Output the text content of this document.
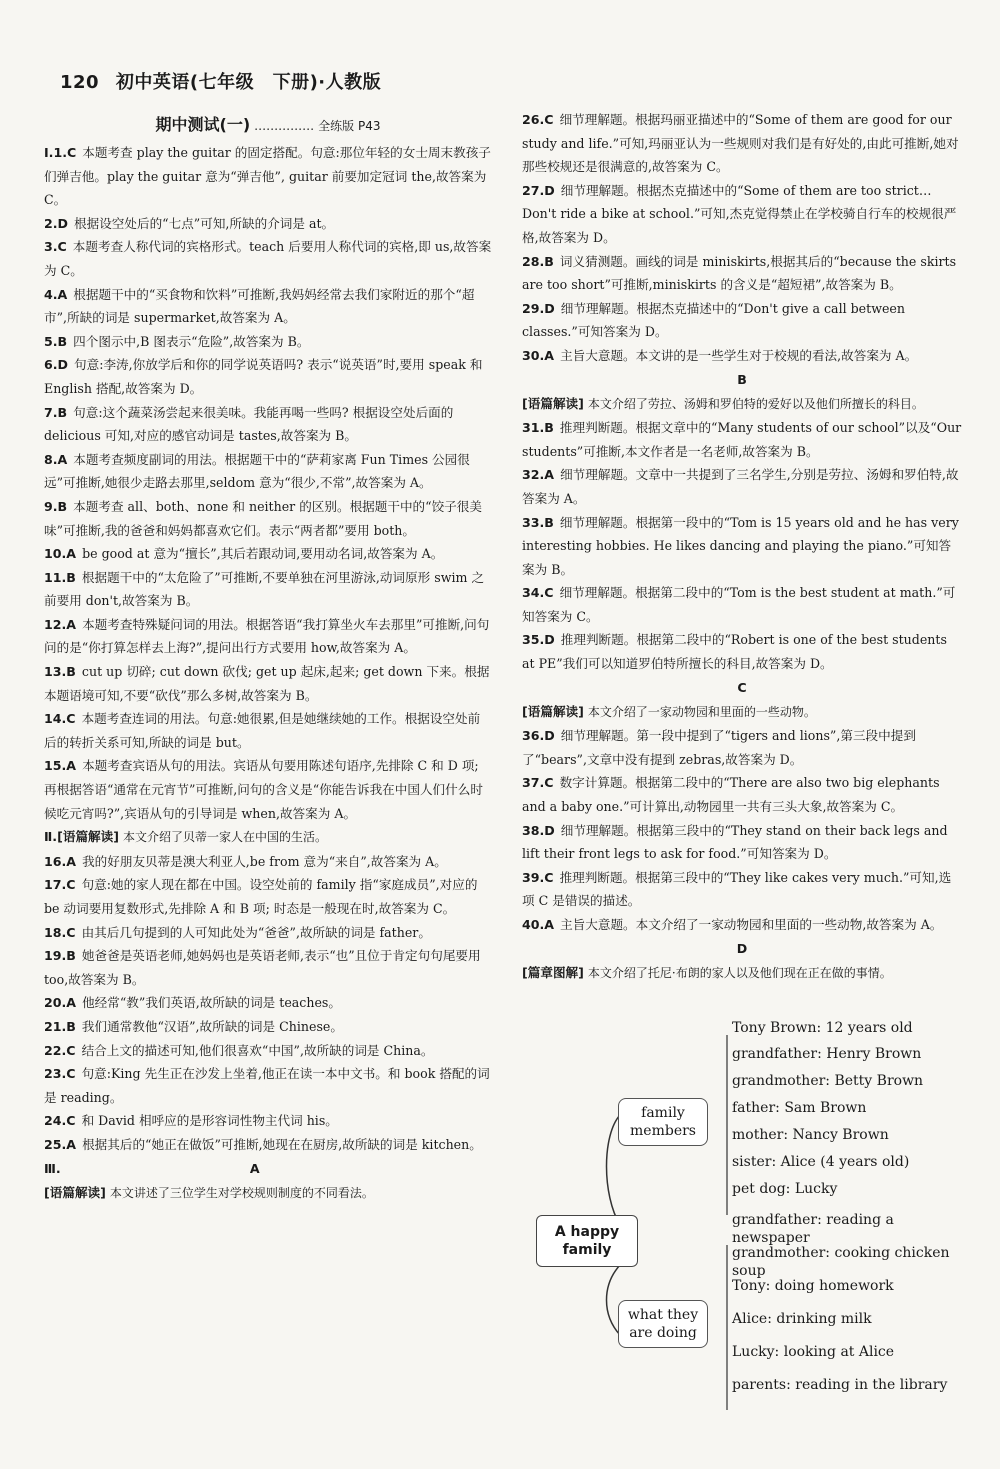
120 初中英语(七年级　下册)·人教版
期中测试(一) …………… 全练版 P43
Ⅰ.1.C 本题考查 play the guitar 的固定搭配。句意:那位年轻的女士周末教孩子们弹吉他。play the guitar 意为“弹吉他”, guitar 前要加定冠词 the,故答案为 C。
2.D 根据设空处后的“七点”可知,所缺的介词是 at。
3.C 本题考查人称代词的宾格形式。teach 后要用人称代词的宾格,即 us,故答案为 C。
4.A 根据题干中的“买食物和饮料”可推断,我妈妈经常去我们家附近的那个“超市”,所缺的词是 supermarket,故答案为 A。
5.B 四个图示中,B 图表示“危险”,故答案为 B。
6.D 句意:李涛,你放学后和你的同学说英语吗? 表示“说英语”时,要用 speak 和 English 搭配,故答案为 D。
7.B 句意:这个蔬菜汤尝起来很美味。我能再喝一些吗? 根据设空处后面的 delicious 可知,对应的感官动词是 tastes,故答案为 B。
8.A 本题考查频度副词的用法。根据题干中的“萨莉家离 Fun Times 公园很远”可推断,她很少走路去那里,seldom 意为“很少,不常”,故答案为 A。
9.B 本题考查 all、both、none 和 neither 的区别。根据题干中的“饺子很美味”可推断,我的爸爸和妈妈都喜欢它们。表示“两者都”要用 both。
10.A be good at 意为“擅长”,其后若跟动词,要用动名词,故答案为 A。
11.B 根据题干中的“太危险了”可推断,不要单独在河里游泳,动词原形 swim 之前要用 don't,故答案为 B。
12.A 本题考查特殊疑问词的用法。根据答语“我打算坐火车去那里”可推断,问句问的是“你打算怎样去上海?”,提问出行方式要用 how,故答案为 A。
13.B cut up 切碎; cut down 砍伐; get up 起床,起来; get down 下来。根据本题语境可知,不要“砍伐”那么多树,故答案为 B。
14.C 本题考查连词的用法。句意:她很累,但是她继续她的工作。根据设空处前后的转折关系可知,所缺的词是 but。
15.A 本题考查宾语从句的用法。宾语从句要用陈述句语序,先排除 C 和 D 项; 再根据答语“通常在元宵节”可推断,问句的含义是“你能告诉我在中国人们什么时候吃元宵吗?”,宾语从句的引导词是 when,故答案为 A。
Ⅱ.[语篇解读] 本文介绍了贝蒂一家人在中国的生活。
16.A 我的好朋友贝蒂是澳大利亚人,be from 意为“来自”,故答案为 A。
17.C 句意:她的家人现在都在中国。设空处前的 family 指“家庭成员”,对应的 be 动词要用复数形式,先排除 A 和 B 项; 时态是一般现在时,故答案为 C。
18.C 由其后几句提到的人可知此处为“爸爸”,故所缺的词是 father。
19.B 她爸爸是英语老师,她妈妈也是英语老师,表示“也”且位于肯定句句尾要用 too,故答案为 B。
20.A 他经常“教”我们英语,故所缺的词是 teaches。
21.B 我们通常教他“汉语”,故所缺的词是 Chinese。
22.C 结合上文的描述可知,他们很喜欢“中国”,故所缺的词是 China。
23.C 句意:King 先生正在沙发上坐着,他正在读一本中文书。和 book 搭配的词是 reading。
24.C 和 David 相呼应的是形容词性物主代词 his。
25.A 根据其后的“她正在做饭”可推断,她现在在厨房,故所缺的词是 kitchen。
Ⅲ.	A
[语篇解读] 本文讲述了三位学生对学校规则制度的不同看法。
26.C 细节理解题。根据玛丽亚描述中的“Some of them are good for our study and life.”可知,玛丽亚认为一些规则对我们是有好处的,由此可推断,她对那些校规还是很满意的,故答案为 C。
27.D 细节理解题。根据杰克描述中的“Some of them are too strict… Don't ride a bike at school.”可知,杰克觉得禁止在学校骑自行车的校规很严格,故答案为 D。
28.B 词义猜测题。画线的词是 miniskirts,根据其后的“because the skirts are too short”可推断,miniskirts 的含义是“超短裙”,故答案为 B。
29.D 细节理解题。根据杰克描述中的“Don't give a call between classes.”可知答案为 D。
30.A 主旨大意题。本文讲的是一些学生对于校规的看法,故答案为 A。
B
[语篇解读] 本文介绍了劳拉、汤姆和罗伯特的爱好以及他们所擅长的科目。
31.B 推理判断题。根据文章中的“Many students of our school”以及“Our students”可推断,本文作者是一名老师,故答案为 B。
32.A 细节理解题。文章中一共提到了三名学生,分别是劳拉、汤姆和罗伯特,故答案为 A。
33.B 细节理解题。根据第一段中的“Tom is 15 years old and he has very interesting hobbies. He likes dancing and playing the piano.”可知答案为 B。
34.C 细节理解题。根据第二段中的“Tom is the best student at math.”可知答案为 C。
35.D 推理判断题。根据第二段中的“Robert is one of the best students at PE”我们可以知道罗伯特所擅长的科目,故答案为 D。
C
[语篇解读] 本文介绍了一家动物园和里面的一些动物。
36.D 细节理解题。第一段中提到了“tigers and lions”,第三段中提到了“bears”,文章中没有提到 zebras,故答案为 D。
37.C 数字计算题。根据第二段中的“There are also two big elephants and a baby one.”可计算出,动物园里一共有三头大象,故答案为 C。
38.D 细节理解题。根据第三段中的“They stand on their back legs and lift their front legs to ask for food.”可知答案为 D。
39.C 推理判断题。根据第三段中的“They like cakes very much.”可知,选项 C 是错误的描述。
40.A 主旨大意题。本文介绍了一家动物园和里面的一些动物,故答案为 A。
D
[篇章图解] 本文介绍了托尼·布朗的家人以及他们现在正在做的事情。
A happy family
family members
what they are doing
Tony Brown: 12 years old
grandfather: Henry Brown
grandmother: Betty Brown
father: Sam Brown
mother: Nancy Brown
sister: Alice (4 years old)
pet dog: Lucky
grandfather: reading a newspaper
grandmother: cooking chicken soup
Tony: doing homework
Alice: drinking milk
Lucky: looking at Alice
parents: reading in the library
